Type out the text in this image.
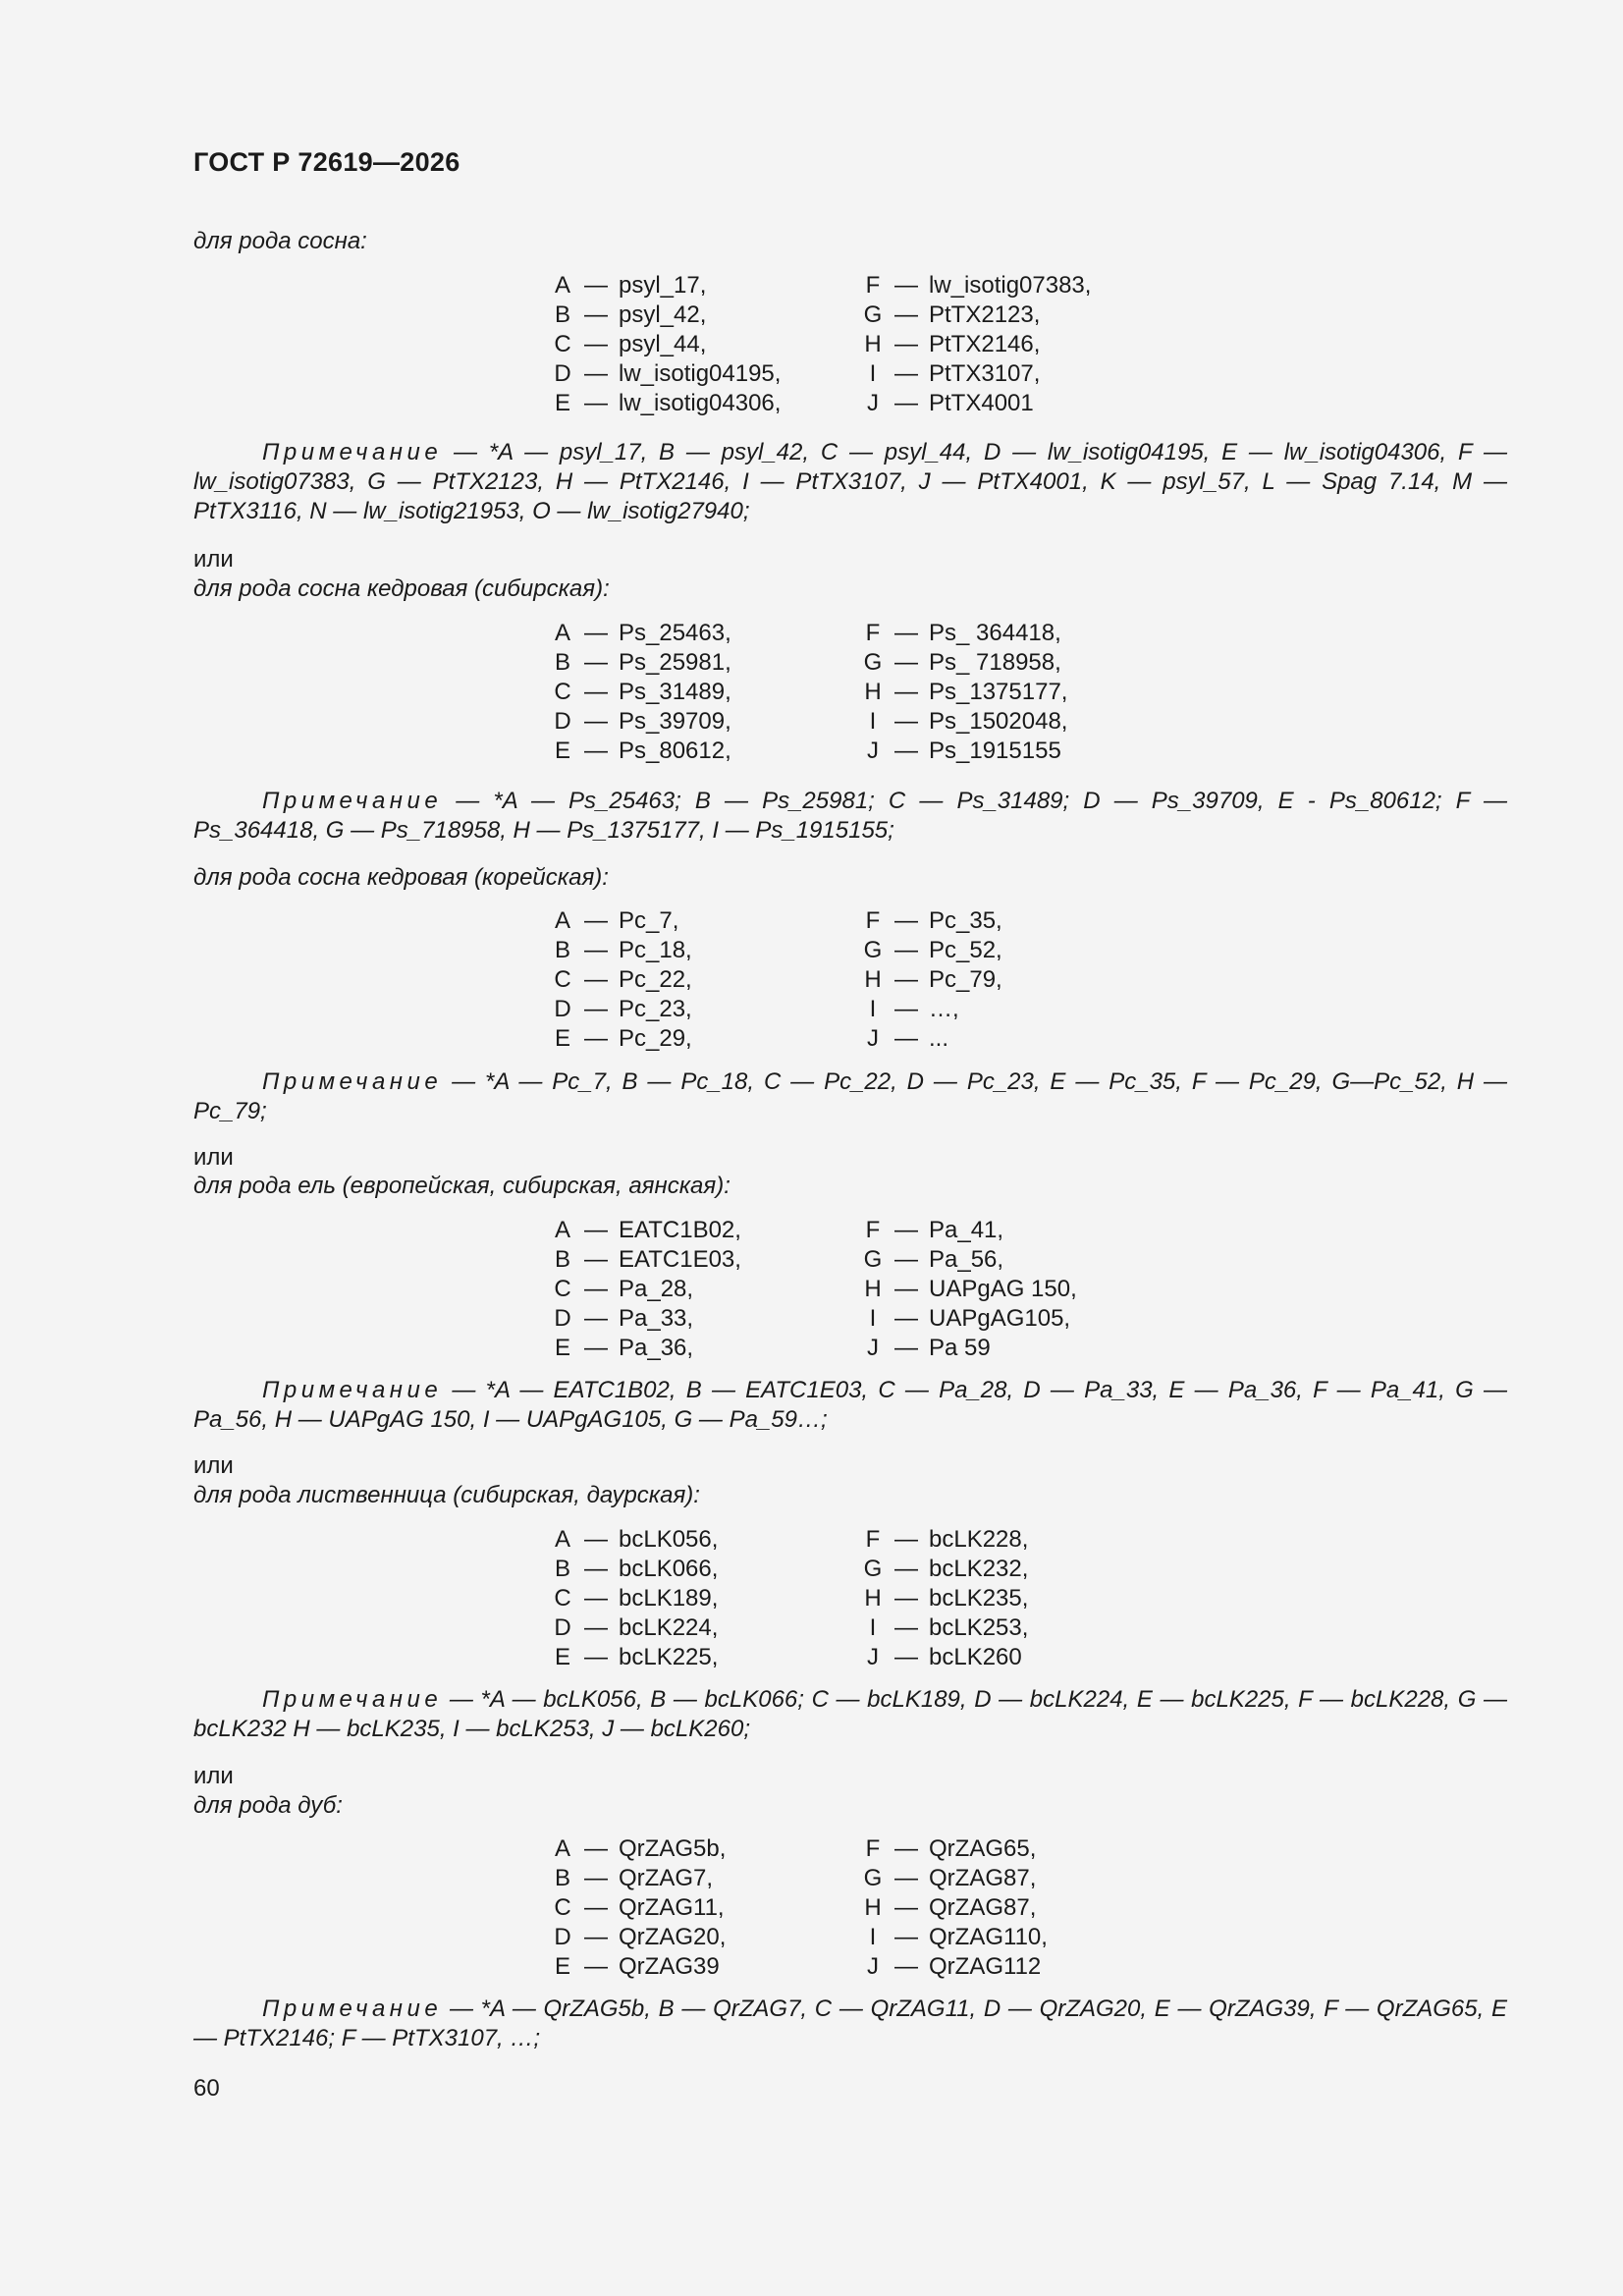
ГОСТ Р 72619—2026
для рода сосна:
A — psyl_17,
B — psyl_42,
C — psyl_44,
D — lw_isotig04195,
E — lw_isotig04306,
F — lw_isotig07383,
G — PtTX2123,
H — PtTX2146,
I — PtTX3107,
J — PtTX4001
Примечание — *A — psyl_17, B — psyl_42, C — psyl_44, D — lw_isotig04195, E — lw_isotig04306, F — lw_isotig07383, G — PtTX2123, H — PtTX2146, I — PtTX3107, J — PtTX4001, K — psyl_57, L — Spag 7.14, M — PtTX3116, N — lw_isotig21953, O — lw_isotig27940;
или
для рода сосна кедровая (сибирская):
A — Ps_25463,
B — Ps_25981,
C — Ps_31489,
D — Ps_39709,
E — Ps_80612,
F — Ps_ 364418,
G — Ps_ 718958,
H — Ps_1375177,
I — Ps_1502048,
J — Ps_1915155
Примечание — *A — Ps_25463; B — Ps_25981; C — Ps_31489; D — Ps_39709, E - Ps_80612; F — Ps_364418, G — Ps_718958, H — Ps_1375177, I — Ps_1915155;
для рода сосна кедровая (корейская):
A — Pc_7,
B — Pc_18,
C — Pc_22,
D — Pc_23,
E — Pc_29,
F — Pc_35,
G — Pc_52,
H — Pc_79,
I — …,
J — ...
Примечание — *A — Pc_7, B — Pc_18, C — Pc_22, D — Pc_23, E — Pc_35, F — Pc_29, G—Pc_52, H — Pc_79;
или
для рода ель (европейская, сибирская, аянская):
A — EATC1B02,
B — EATC1E03,
C — Pa_28,
D — Pa_33,
E — Pa_36,
F — Pa_41,
G — Pa_56,
H — UAPgAG 150,
I — UAPgAG105,
J — Pa 59
Примечание — *A — EATC1B02, B — EATC1E03, C — Pa_28, D — Pa_33, E — Pa_36, F — Pa_41, G — Pa_56, H — UAPgAG 150, I — UAPgAG105, G — Pa_59…;
или
для рода лиственница (сибирская, даурская):
A — bcLK056,
B — bcLK066,
C — bcLK189,
D — bcLK224,
E — bcLK225,
F — bcLK228,
G — bcLK232,
H — bcLK235,
I — bcLK253,
J — bcLK260
Примечание — *A — bcLK056, B — bcLK066; C — bcLK189, D — bcLK224, E — bcLK225, F — bcLK228, G — bcLK232 H — bcLK235, I — bcLK253, J — bcLK260;
или
для рода дуб:
A — QrZAG5b,
B — QrZAG7,
C — QrZAG11,
D — QrZAG20,
E — QrZAG39
F — QrZAG65,
G — QrZAG87,
H — QrZAG87,
I — QrZAG110,
J — QrZAG112
Примечание — *A — QrZAG5b, B — QrZAG7, C — QrZAG11, D — QrZAG20, E — QrZAG39, F — QrZAG65, E — PtTX2146; F — PtTX3107, …;
60
